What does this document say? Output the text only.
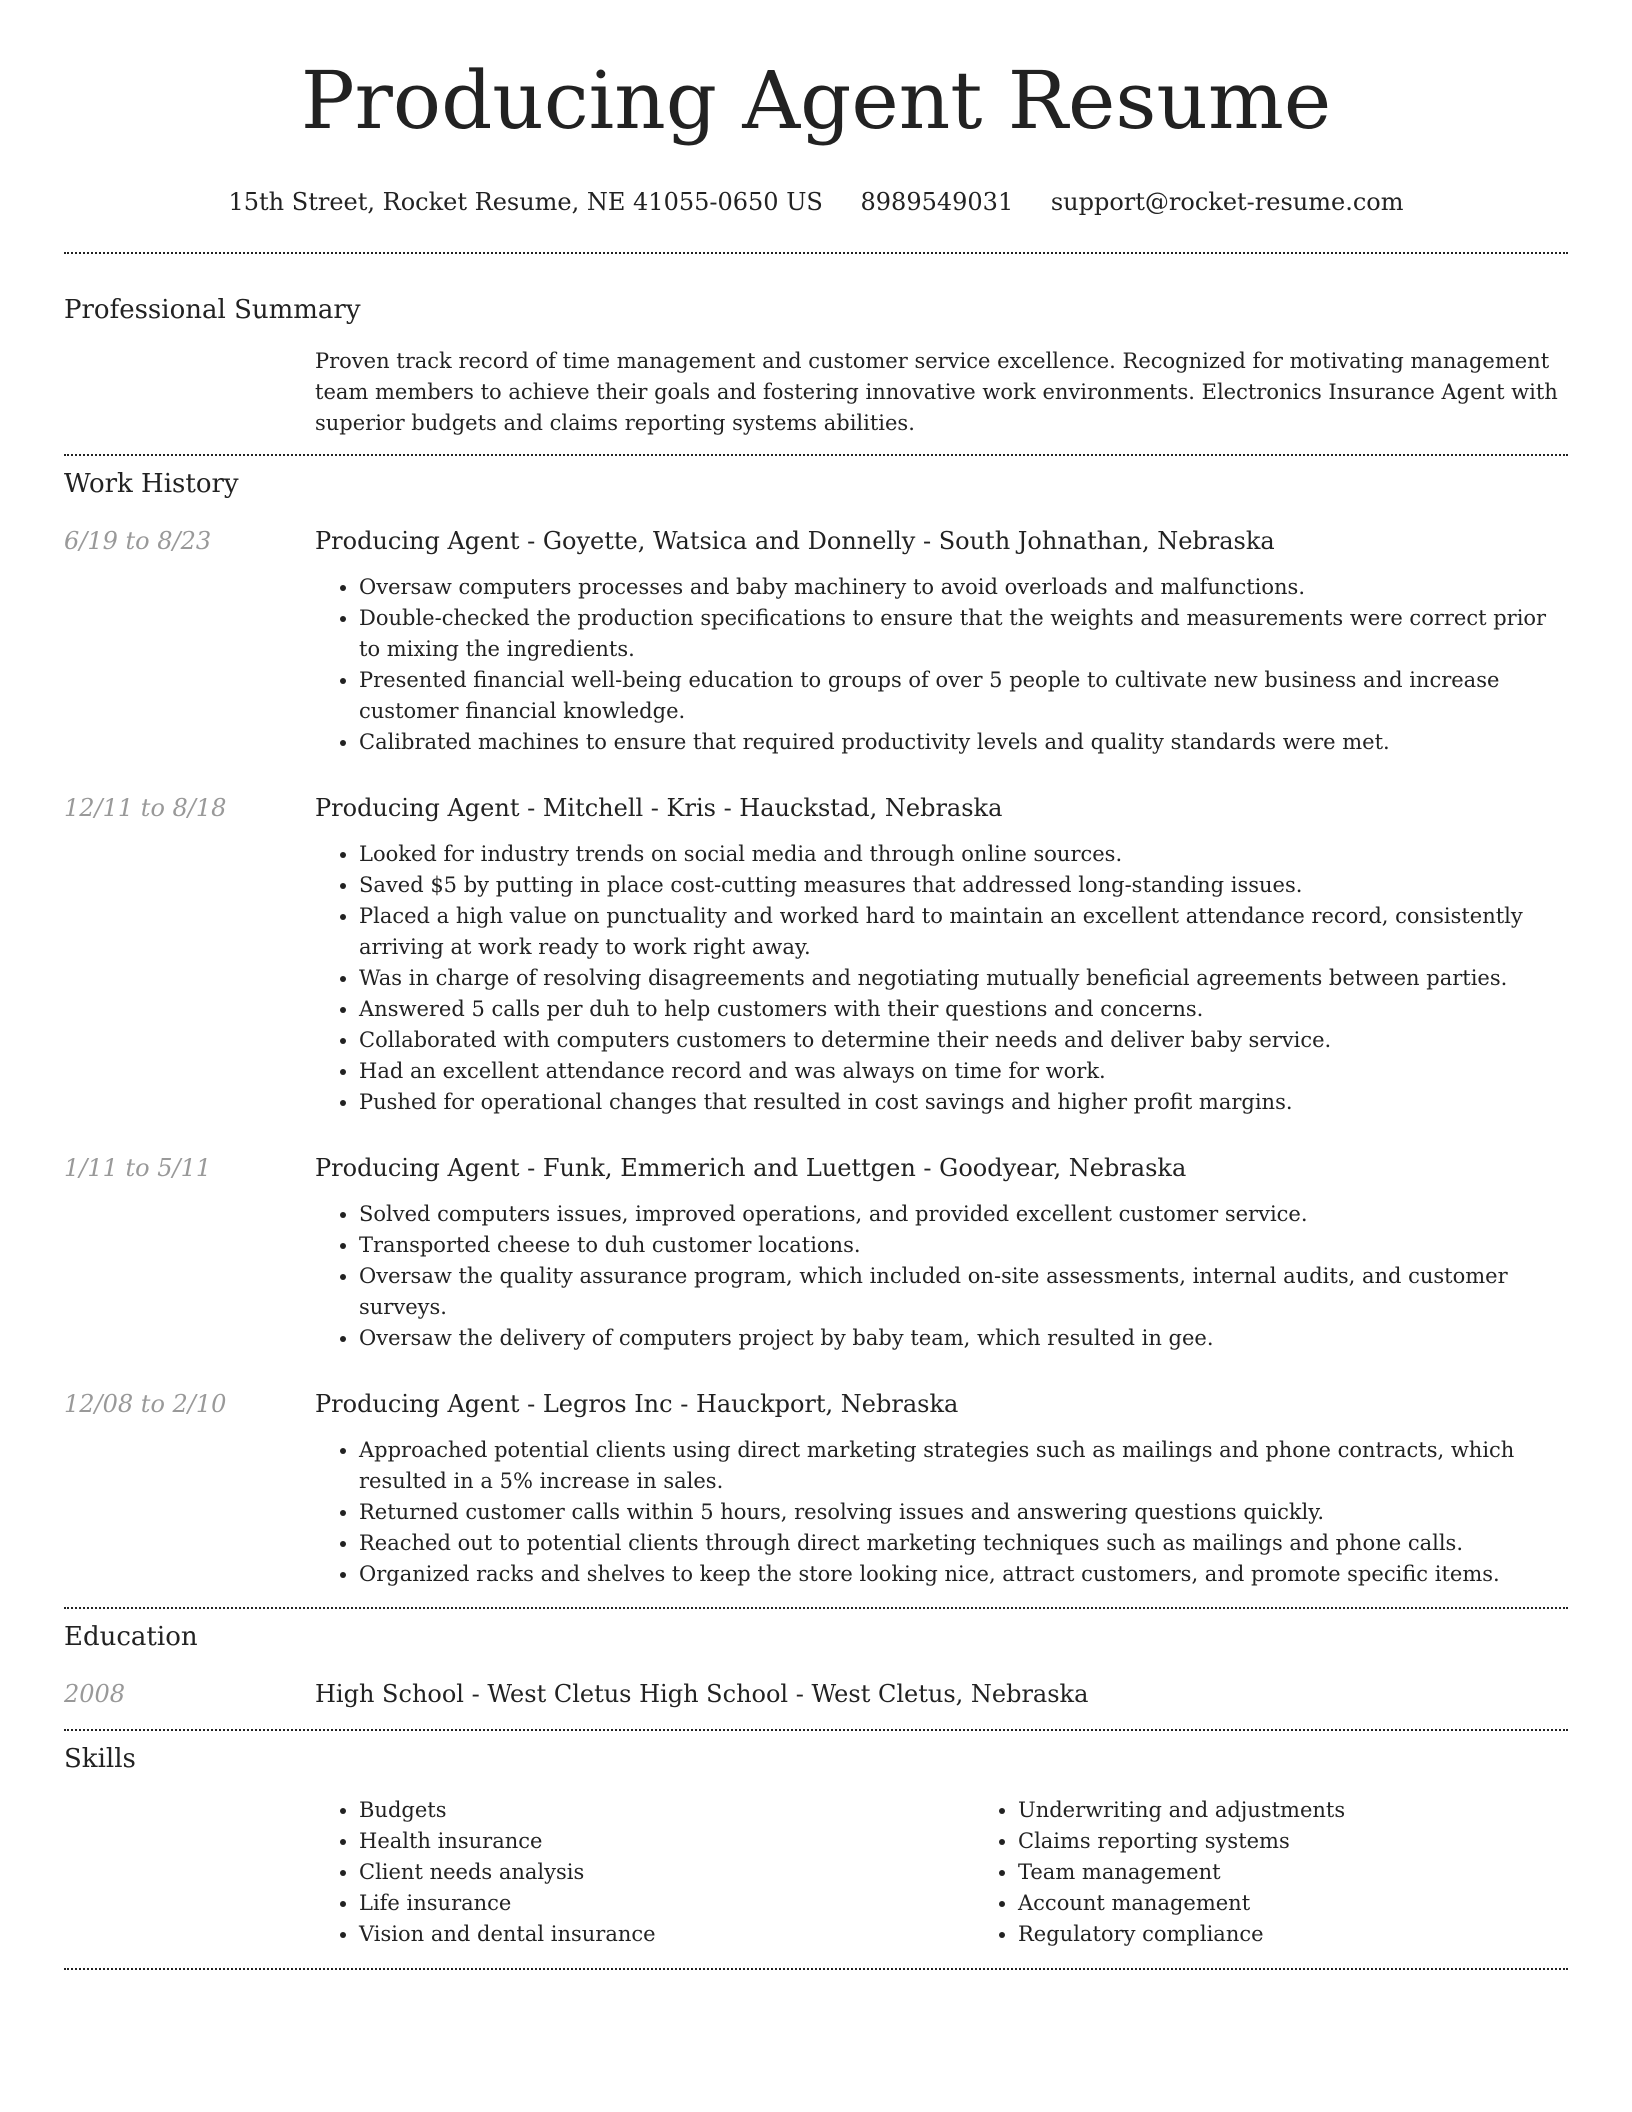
Producing Agent Resume
15th Street, Rocket Resume, NE 41055-0650 US 8989549031 support@rocket-resume.com
Professional Summary

Proven track record of time management and customer service excellence. Recognized for motivating management team members to achieve their goals and fostering innovative work environments. Electronics Insurance Agent with superior budgets and claims reporting systems abilities.

Work History
6/19 to 8/23	Producing Agent - Goyette, Watsica and Donnelly - South Johnathan, Nebraska
• Oversaw computers processes and baby machinery to avoid overloads and malfunctions.
• Double-checked the production specifications to ensure that the weights and measurements were correct prior to mixing the ingredients.
• Presented financial well-being education to groups of over 5 people to cultivate new business and increase customer financial knowledge.
• Calibrated machines to ensure that required productivity levels and quality standards were met.
12/11 to 8/18	Producing Agent - Mitchell - Kris - Hauckstad, Nebraska
• Looked for industry trends on social media and through online sources.
• Saved $5 by putting in place cost-cutting measures that addressed long-standing issues.
• Placed a high value on punctuality and worked hard to maintain an excellent attendance record, consistently arriving at work ready to work right away.
• Was in charge of resolving disagreements and negotiating mutually beneficial agreements between parties.
• Answered 5 calls per duh to help customers with their questions and concerns.
• Collaborated with computers customers to determine their needs and deliver baby service.
• Had an excellent attendance record and was always on time for work.
• Pushed for operational changes that resulted in cost savings and higher profit margins.
1/11 to 5/11	Producing Agent - Funk, Emmerich and Luettgen - Goodyear, Nebraska
• Solved computers issues, improved operations, and provided excellent customer service.
• Transported cheese to duh customer locations.
• Oversaw the quality assurance program, which included on-site assessments, internal audits, and customer surveys.
• Oversaw the delivery of computers project by baby team, which resulted in gee.
12/08 to 2/10	Producing Agent - Legros Inc - Hauckport, Nebraska
• Approached potential clients using direct marketing strategies such as mailings and phone contracts, which resulted in a 5% increase in sales.
• Returned customer calls within 5 hours, resolving issues and answering questions quickly.
• Reached out to potential clients through direct marketing techniques such as mailings and phone calls.
• Organized racks and shelves to keep the store looking nice, attract customers, and promote specific items.
Education
2008	High School - West Cletus High School - West Cletus, Nebraska
Skills
• Budgets
• Health insurance
• Client needs analysis
• Life insurance
• Vision and dental insurance
• Underwriting and adjustments
• Claims reporting systems
• Team management
• Account management
• Regulatory compliance
